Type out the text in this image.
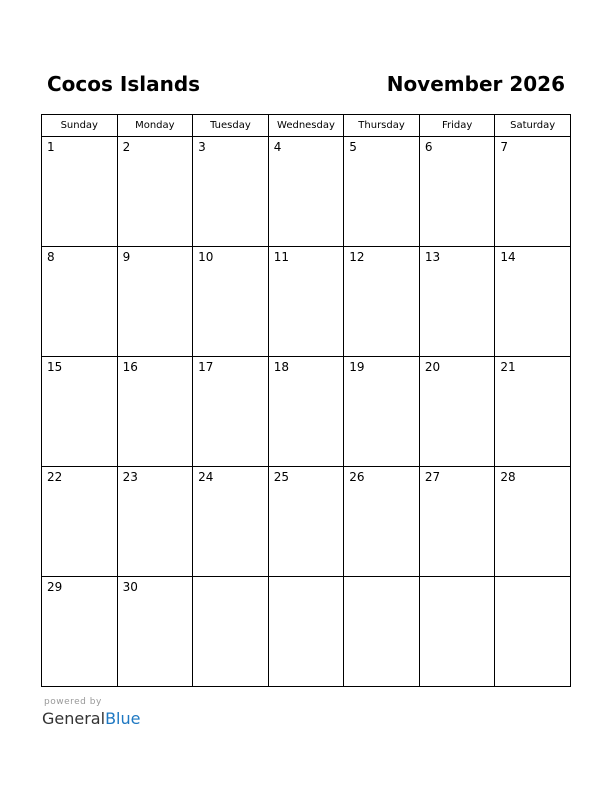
Cocos Islands	November 2026
Sunday	Monday	Tuesday	Wednesday	Thursday	Friday	Saturday

1	2	3	4	5	6	7

8	9	10	11	12	13	14

15	16	17	18	19	20	21

22	23	24	25	26	27	28

29	30					

powered by
GeneralBlue
